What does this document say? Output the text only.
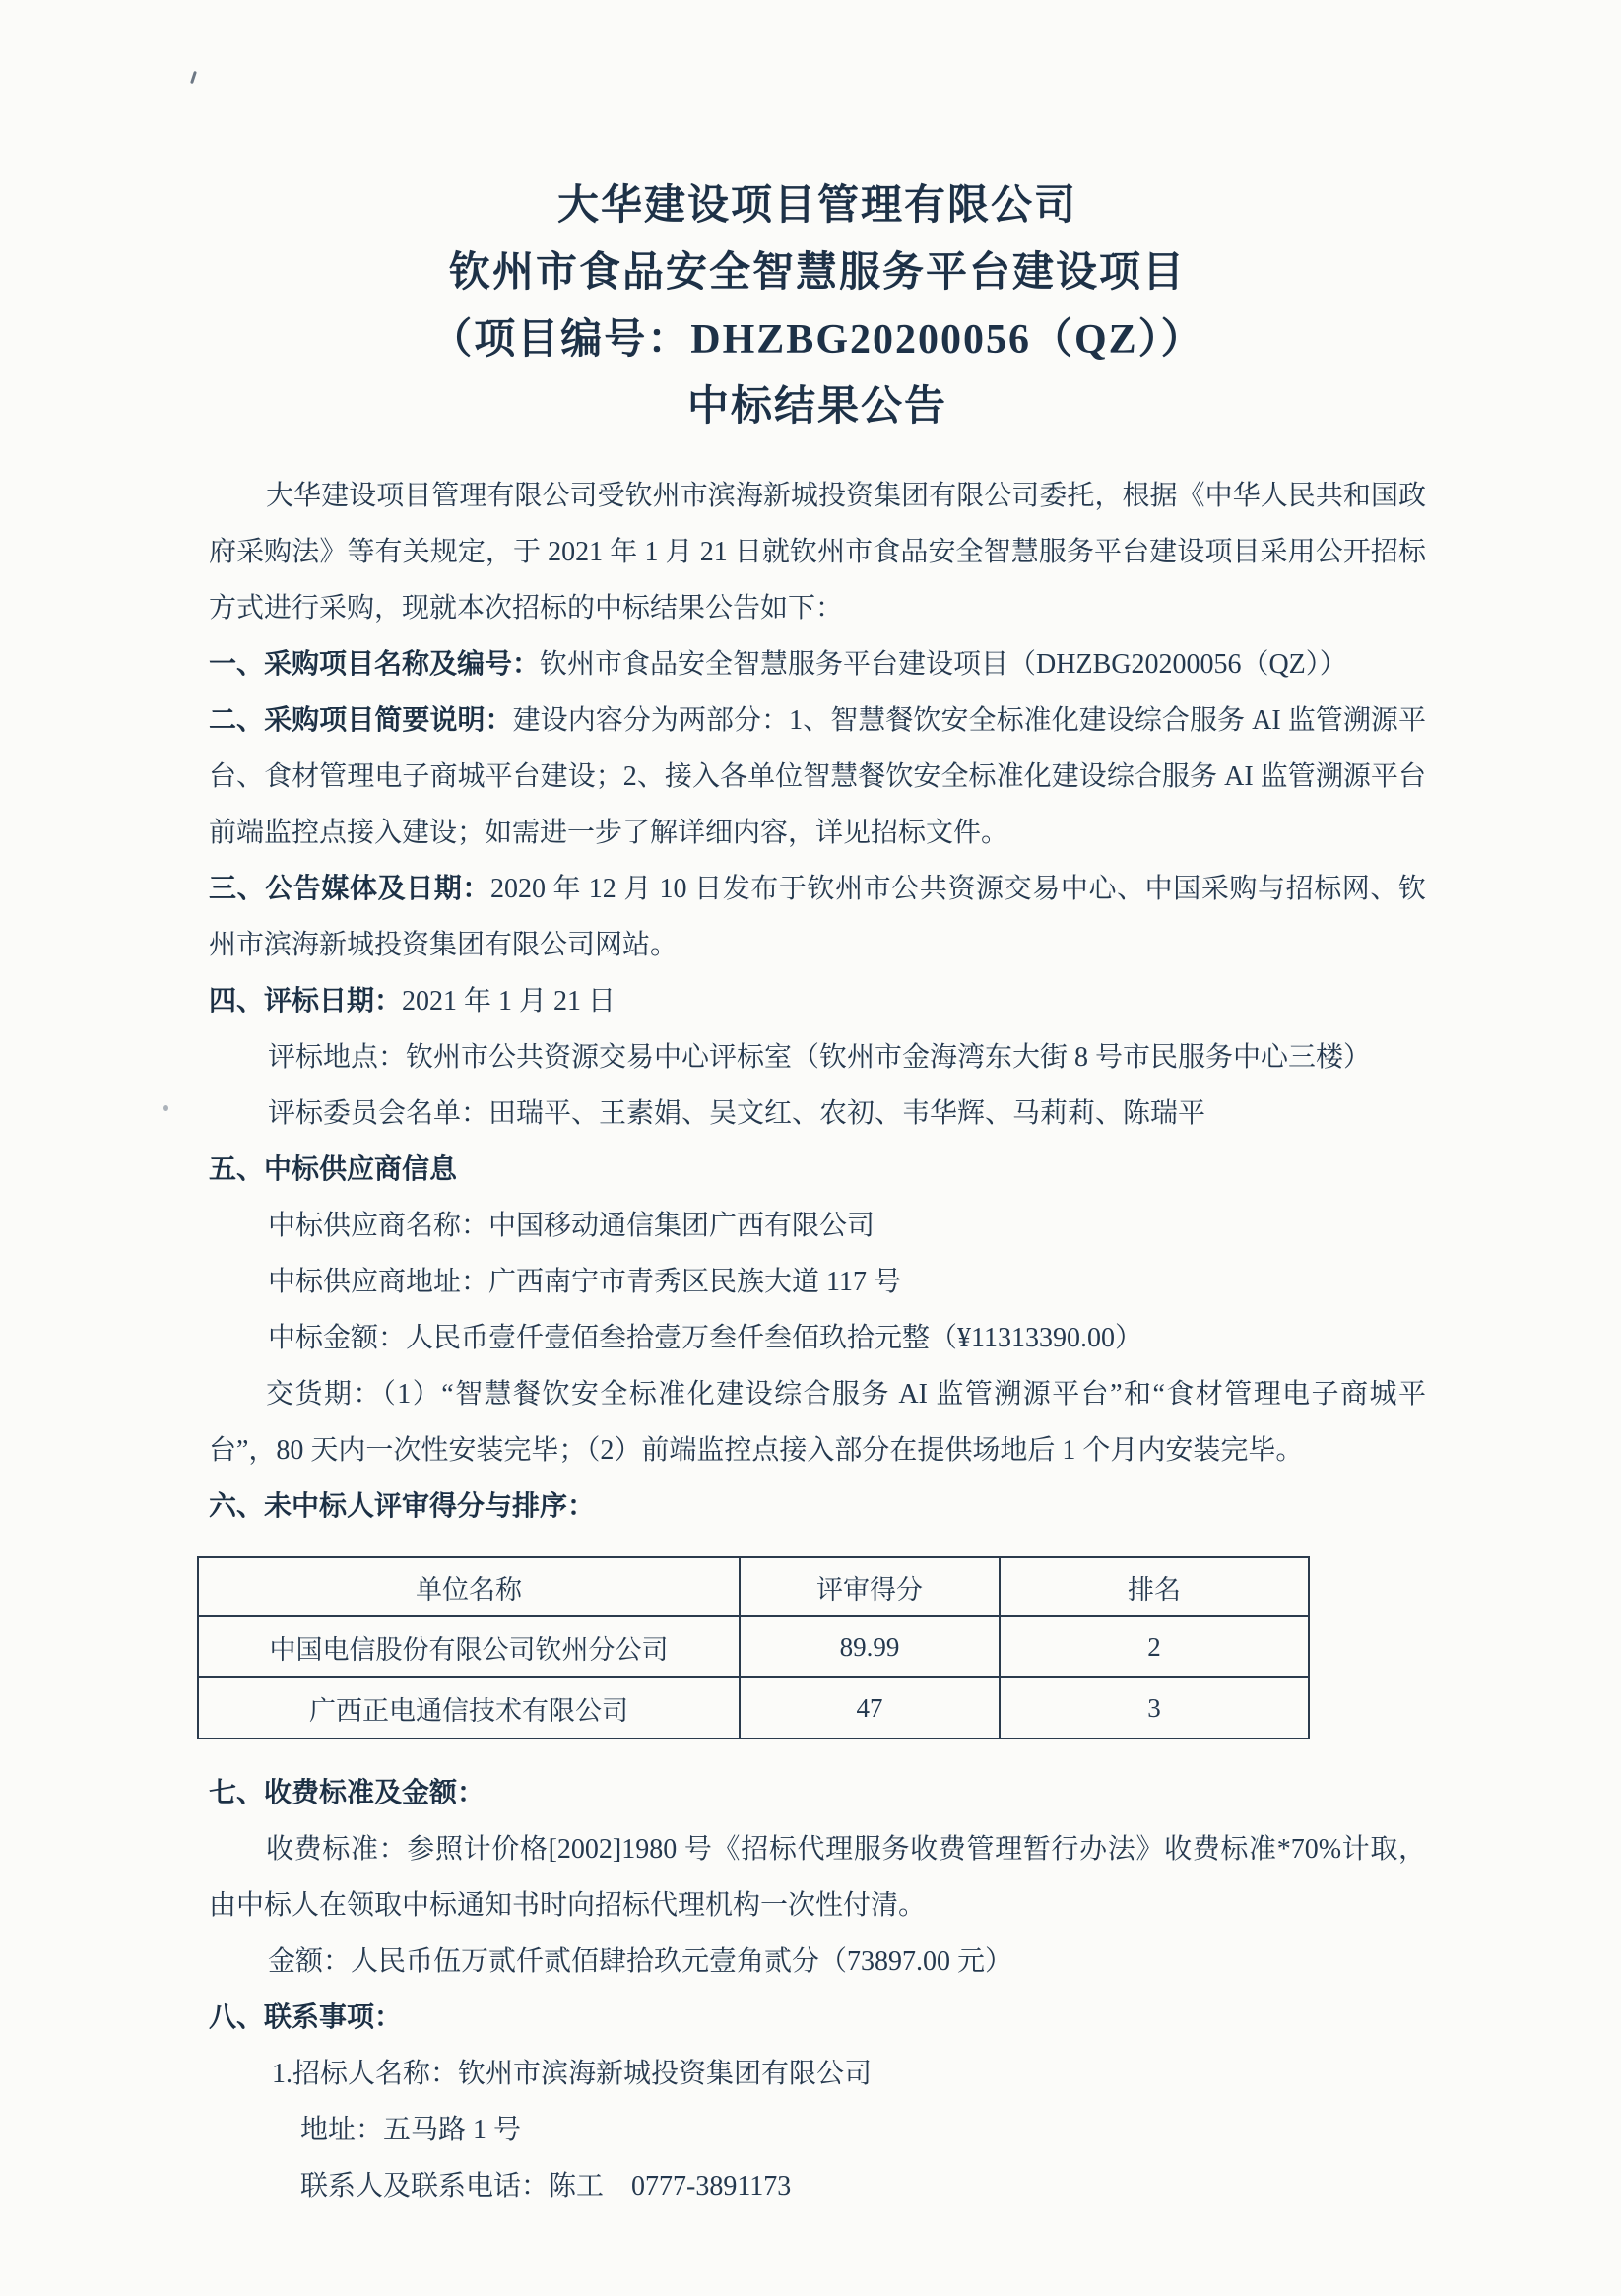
大华建设项目管理有限公司
钦州市食品安全智慧服务平台建设项目
（项目编号：DHZBG20200056（QZ））
中标结果公告

大华建设项目管理有限公司受钦州市滨海新城投资集团有限公司委托，根据《中华人民共和国政府采购法》等有关规定，于 2021 年 1 月 21 日就钦州市食品安全智慧服务平台建设项目采用公开招标方式进行采购，现就本次招标的中标结果公告如下：

一、采购项目名称及编号：钦州市食品安全智慧服务平台建设项目（DHZBG20200056（QZ））

二、采购项目简要说明：建设内容分为两部分：1、智慧餐饮安全标准化建设综合服务 AI 监管溯源平台、食材管理电子商城平台建设；2、接入各单位智慧餐饮安全标准化建设综合服务 AI 监管溯源平台前端监控点接入建设；如需进一步了解详细内容，详见招标文件。

三、公告媒体及日期：2020 年 12 月 10 日发布于钦州市公共资源交易中心、中国采购与招标网、钦州市滨海新城投资集团有限公司网站。

四、评标日期：2021 年 1 月 21 日

评标地点：钦州市公共资源交易中心评标室（钦州市金海湾东大街 8 号市民服务中心三楼）

评标委员会名单：田瑞平、王素娟、吴文红、农初、韦华辉、马莉莉、陈瑞平

五、中标供应商信息

中标供应商名称：中国移动通信集团广西有限公司

中标供应商地址：广西南宁市青秀区民族大道 117 号

中标金额：人民币壹仟壹佰叁拾壹万叁仟叁佰玖拾元整（¥11313390.00）

交货期：（1）“智慧餐饮安全标准化建设综合服务 AI 监管溯源平台”和“食材管理电子商城平台”，80 天内一次性安装完毕；（2）前端监控点接入部分在提供场地后 1 个月内安装完毕。

六、未中标人评审得分与排序：

单位名称	评审得分	排名
中国电信股份有限公司钦州分公司	89.99	2
广西正电通信技术有限公司	47	3

七、收费标准及金额：

收费标准：参照计价格[2002]1980 号《招标代理服务收费管理暂行办法》收费标准*70%计取，由中标人在领取中标通知书时向招标代理机构一次性付清。

金额：人民币伍万贰仟贰佰肆拾玖元壹角贰分（73897.00 元）

八、联系事项：

1.招标人名称：钦州市滨海新城投资集团有限公司

地址：五马路 1 号

联系人及联系电话：陈工　0777-3891173
